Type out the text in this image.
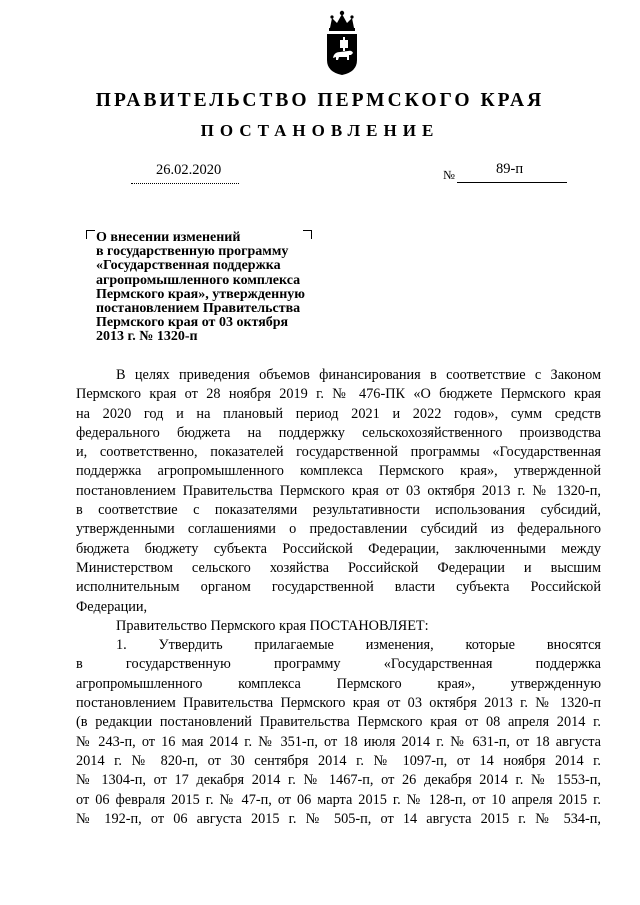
ПРАВИТЕЛЬСТВО ПЕРМСКОГО КРАЯ
ПОСТАНОВЛЕНИЕ
26.02.2020	№	89-п
О внесении изменений
в государственную программу
«Государственная поддержка
агропромышленного комплекса
Пермского края», утвержденную
постановлением Правительства
Пермского края от 03 октября
2013 г. № 1320-п
В целях приведения объемов финансирования в соответствие с Законом
Пермского края от 28 ноября 2019 г. № 476-ПК «О бюджете Пермского края
на 2020 год и на плановый период 2021 и 2022 годов», сумм средств
федерального бюджета на поддержку сельскохозяйственного производства
и, соответственно, показателей государственной программы «Государственная
поддержка агропромышленного комплекса Пермского края», утвержденной
постановлением Правительства Пермского края от 03 октября 2013 г. № 1320-п,
в соответствие с показателями результативности использования субсидий,
утвержденными соглашениями о предоставлении субсидий из федерального
бюджета бюджету субъекта Российской Федерации, заключенными между
Министерством сельского хозяйства Российской Федерации и высшим
исполнительным органом государственной власти субъекта Российской
Федерации,
Правительство Пермского края ПОСТАНОВЛЯЕТ:
1. Утвердить прилагаемые изменения, которые вносятся
в государственную программу «Государственная поддержка
агропромышленного комплекса Пермского края», утвержденную
постановлением Правительства Пермского края от 03 октября 2013 г. № 1320-п
(в редакции постановлений Правительства Пермского края от 08 апреля 2014 г.
№ 243-п, от 16 мая 2014 г. № 351-п, от 18 июля 2014 г. № 631-п, от 18 августа
2014 г. № 820-п, от 30 сентября 2014 г. № 1097-п, от 14 ноября 2014 г.
№ 1304-п, от 17 декабря 2014 г. № 1467-п, от 26 декабря 2014 г. № 1553-п,
от 06 февраля 2015 г. № 47-п, от 06 марта 2015 г. № 128-п, от 10 апреля 2015 г.
№ 192-п, от 06 августа 2015 г. № 505-п, от 14 августа 2015 г. № 534-п,
